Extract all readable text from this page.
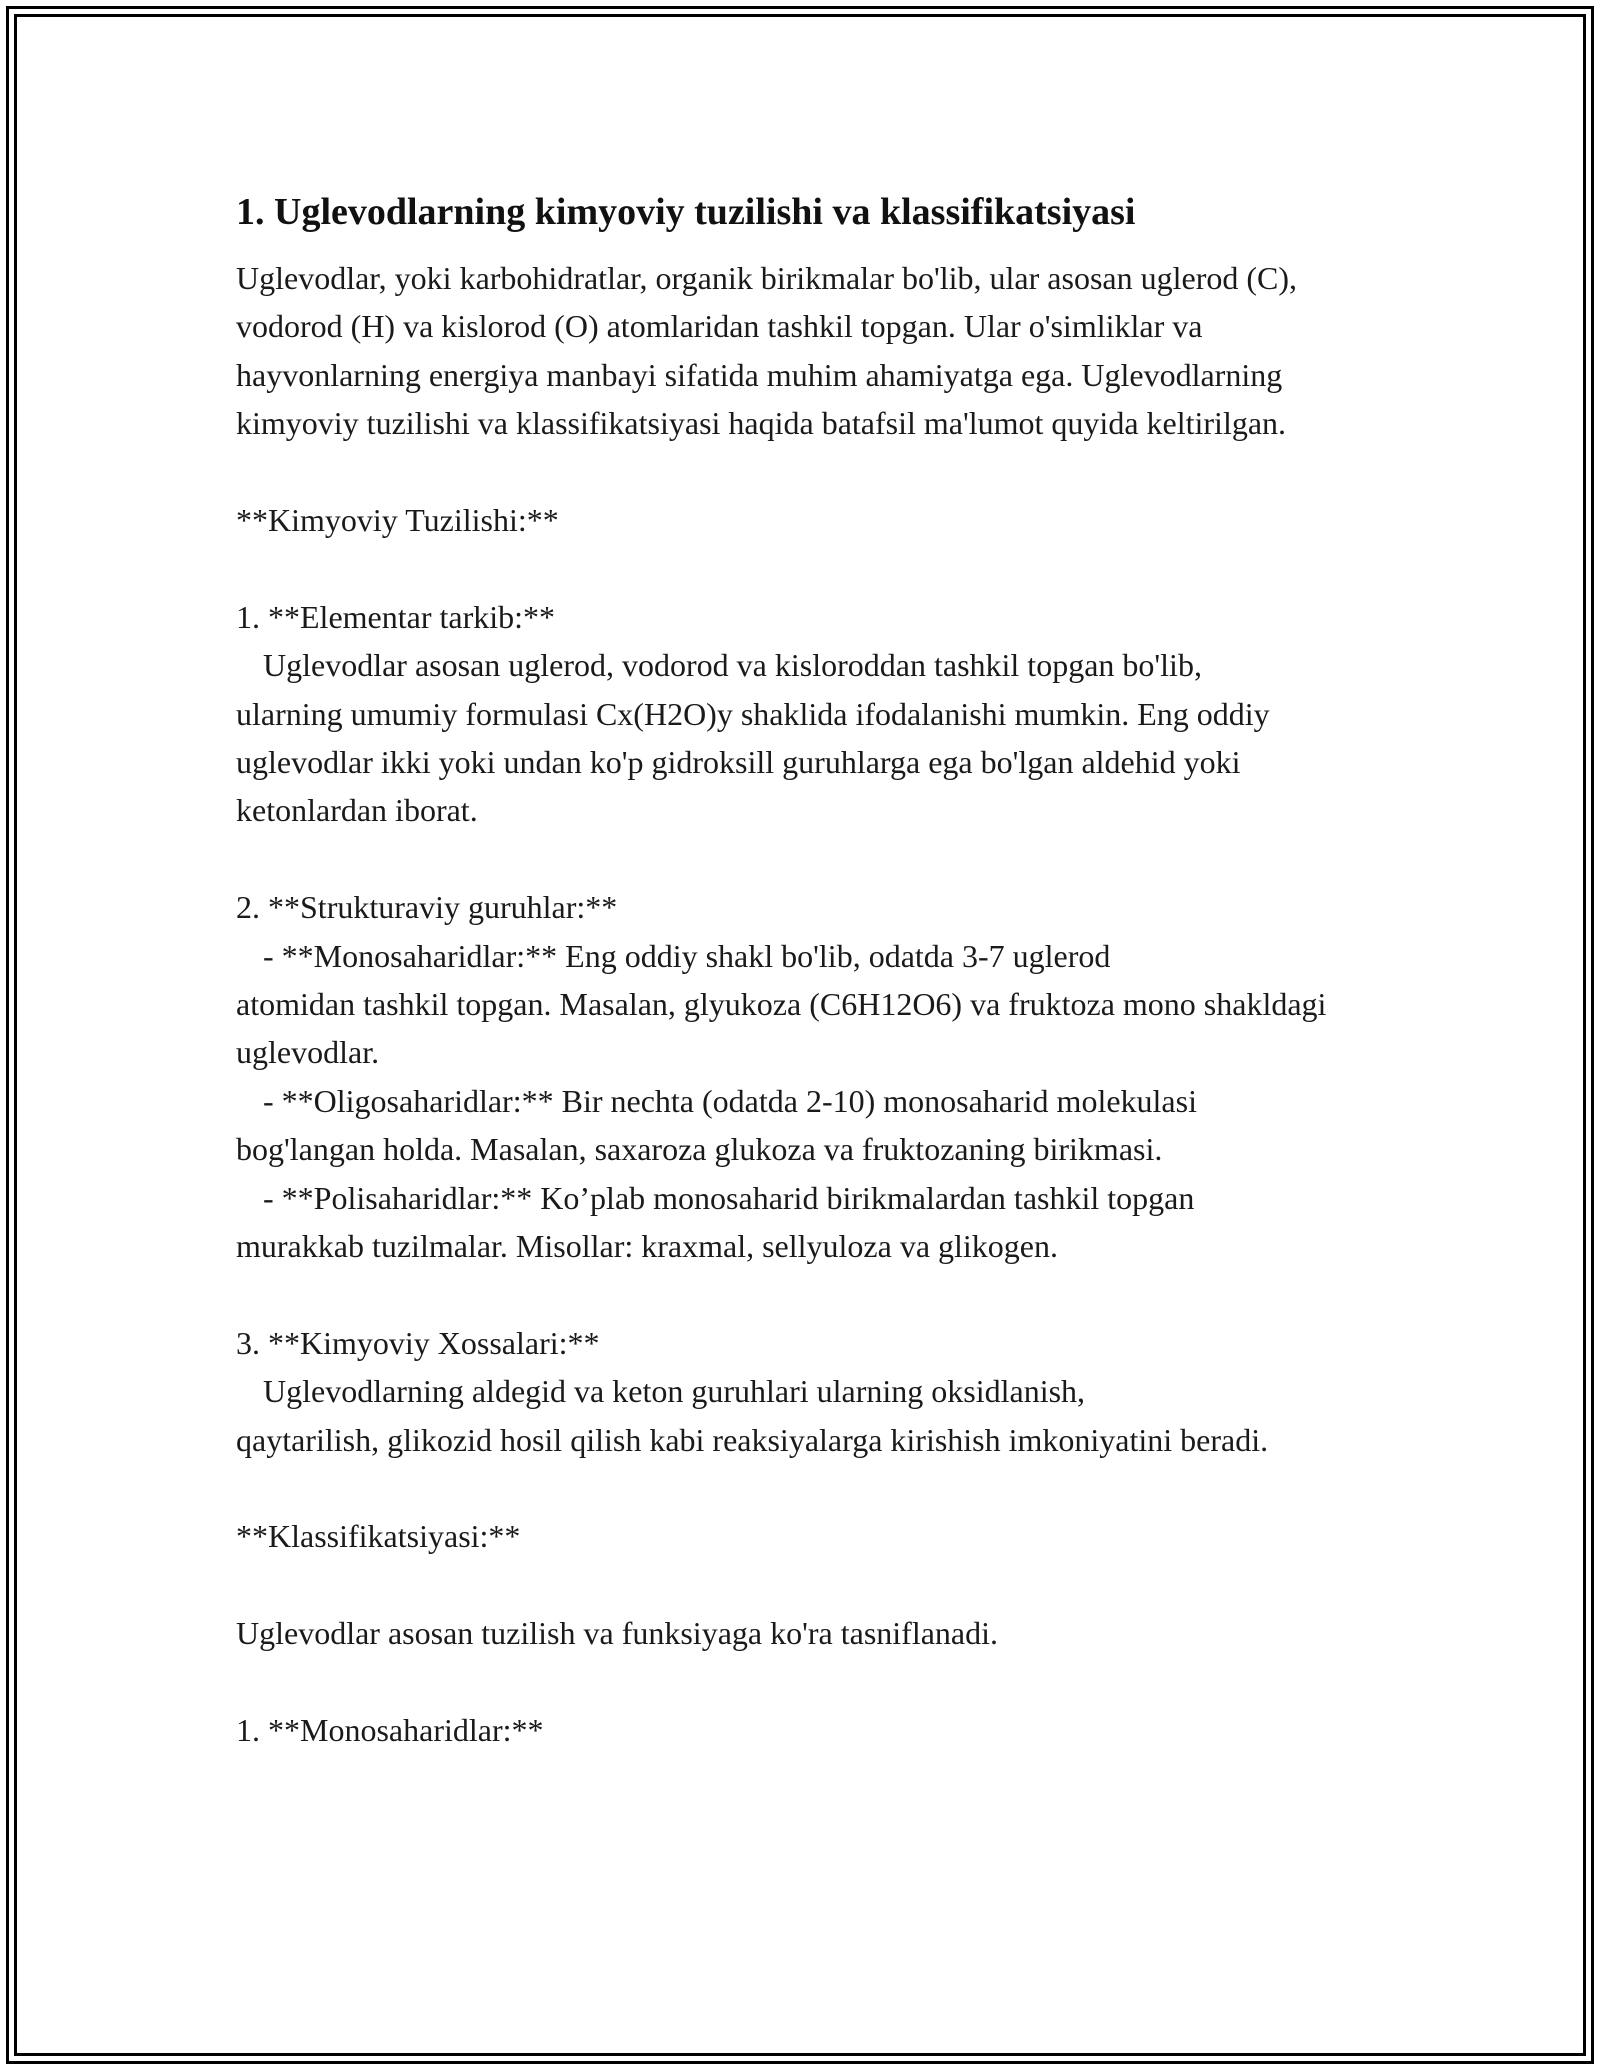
1. Uglevodlarning kimyoviy tuzilishi va klassifikatsiyasi

Uglevodlar, yoki karbohidratlar, organik birikmalar bo'lib, ular asosan uglerod (C), vodorod (H) va kislorod (O) atomlaridan tashkil topgan. Ular o'simliklar va hayvonlarning energiya manbayi sifatida muhim ahamiyatga ega. Uglevodlarning kimyoviy tuzilishi va klassifikatsiyasi haqida batafsil ma'lumot quyida keltirilgan.

**Kimyoviy Tuzilishi:**

1. **Elementar tarkib:**

Uglevodlar asosan uglerod, vodorod va kisloroddan tashkil topgan bo'lib,

ularning umumiy formulasi Cx(H2O)y shaklida ifodalanishi mumkin. Eng oddiy uglevodlar ikki yoki undan ko'p gidroksill guruhlarga ega bo'lgan aldehid yoki ketonlardan iborat.

2. **Strukturaviy guruhlar:**

- **Monosaharidlar:** Eng oddiy shakl bo'lib, odatda 3-7 uglerod

atomidan tashkil topgan. Masalan, glyukoza (C6H12O6) va fruktoza mono shakldagi uglevodlar.

- **Oligosaharidlar:** Bir nechta (odatda 2-10) monosaharid molekulasi

bog'langan holda. Masalan, saxaroza glukoza va fruktozaning birikmasi.

- **Polisaharidlar:** Ko’plab monosaharid birikmalardan tashkil topgan

murakkab tuzilmalar. Misollar: kraxmal, sellyuloza va glikogen.

3. **Kimyoviy Xossalari:**

Uglevodlarning aldegid va keton guruhlari ularning oksidlanish,

qaytarilish, glikozid hosil qilish kabi reaksiyalarga kirishish imkoniyatini beradi.

**Klassifikatsiyasi:**

Uglevodlar asosan tuzilish va funksiyaga ko'ra tasniflanadi.

1. **Monosaharidlar:**
